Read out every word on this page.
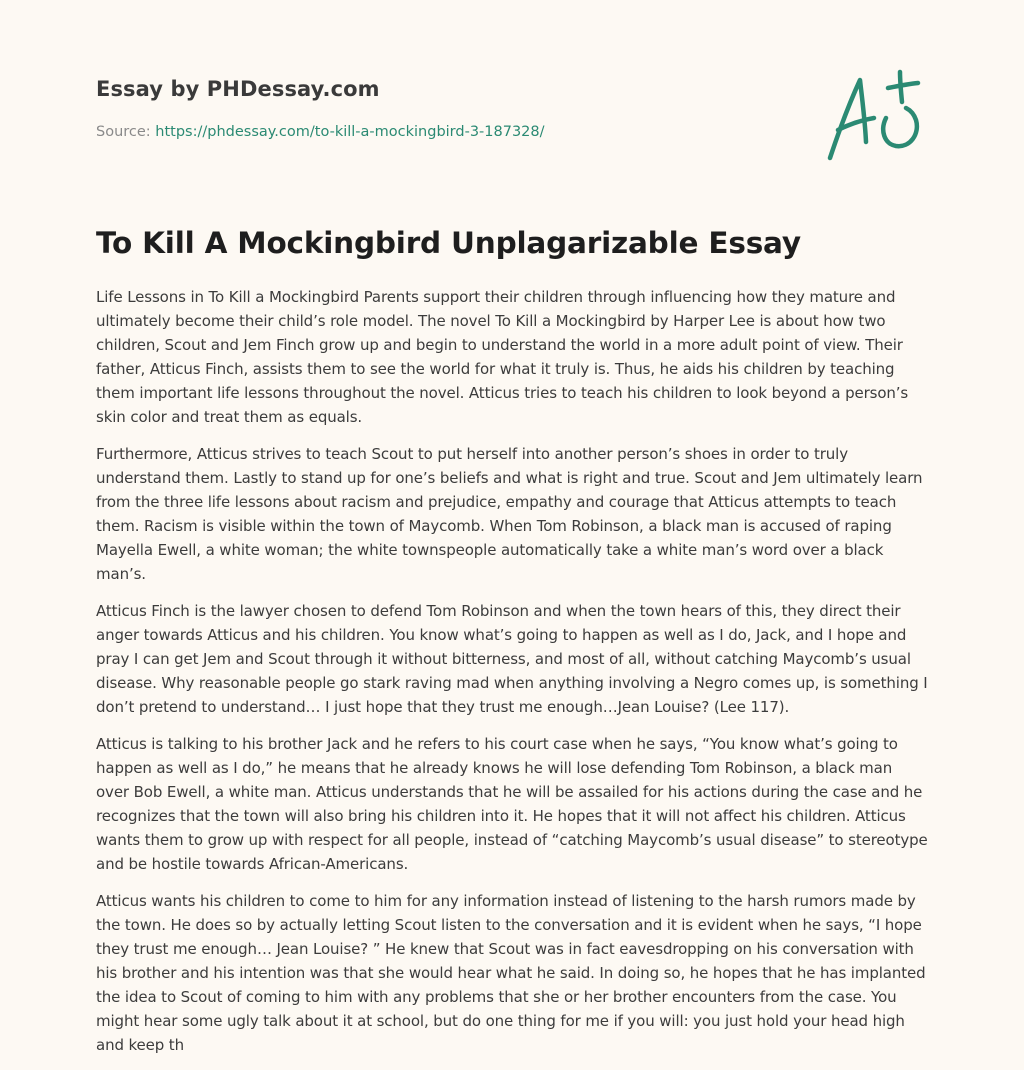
Essay by PHDessay.com
Source: https://phdessay.com/to-kill-a-mockingbird-3-187328/
To Kill A Mockingbird Unplagarizable Essay

Life Lessons in To Kill a Mockingbird Parents support their children through influencing how they mature and ultimately become their child’s role model. The novel To Kill a Mockingbird by Harper Lee is about how two children, Scout and Jem Finch grow up and begin to understand the world in a more adult point of view. Their father, Atticus Finch, assists them to see the world for what it truly is. Thus, he aids his children by teaching them important life lessons throughout the novel. Atticus tries to teach his children to look beyond a person’s skin color and treat them as equals.

Furthermore, Atticus strives to teach Scout to put herself into another person’s shoes in order to truly understand them. Lastly to stand up for one’s beliefs and what is right and true. Scout and Jem ultimately learn from the three life lessons about racism and prejudice, empathy and courage that Atticus attempts to teach them. Racism is visible within the town of Maycomb. When Tom Robinson, a black man is accused of raping Mayella Ewell, a white woman; the white townspeople automatically take a white man’s word over a black man’s.

Atticus Finch is the lawyer chosen to defend Tom Robinson and when the town hears of this, they direct their anger towards Atticus and his children. You know what’s going to happen as well as I do, Jack, and I hope and pray I can get Jem and Scout through it without bitterness, and most of all, without catching Maycomb’s usual disease. Why reasonable people go stark raving mad when anything involving a Negro comes up, is something I don’t pretend to understand… I just hope that they trust me enough…Jean Louise? (Lee 117).

Atticus is talking to his brother Jack and he refers to his court case when he says, “You know what’s going to happen as well as I do,” he means that he already knows he will lose defending Tom Robinson, a black man over Bob Ewell, a white man. Atticus understands that he will be assailed for his actions during the case and he recognizes that the town will also bring his children into it. He hopes that it will not affect his children. Atticus wants them to grow up with respect for all people, instead of “catching Maycomb’s usual disease” to stereotype and be hostile towards African-Americans.

Atticus wants his children to come to him for any information instead of listening to the harsh rumors made by the town. He does so by actually letting Scout listen to the conversation and it is evident when he says, “I hope they trust me enough… Jean Louise? ” He knew that Scout was in fact eavesdropping on his conversation with his brother and his intention was that she would hear what he said. In doing so, he hopes that he has implanted the idea to Scout of coming to him with any problems that she or her brother encounters from the case. You might hear some ugly talk about it at school, but do one thing for me if you will: you just hold your head high and keep th
